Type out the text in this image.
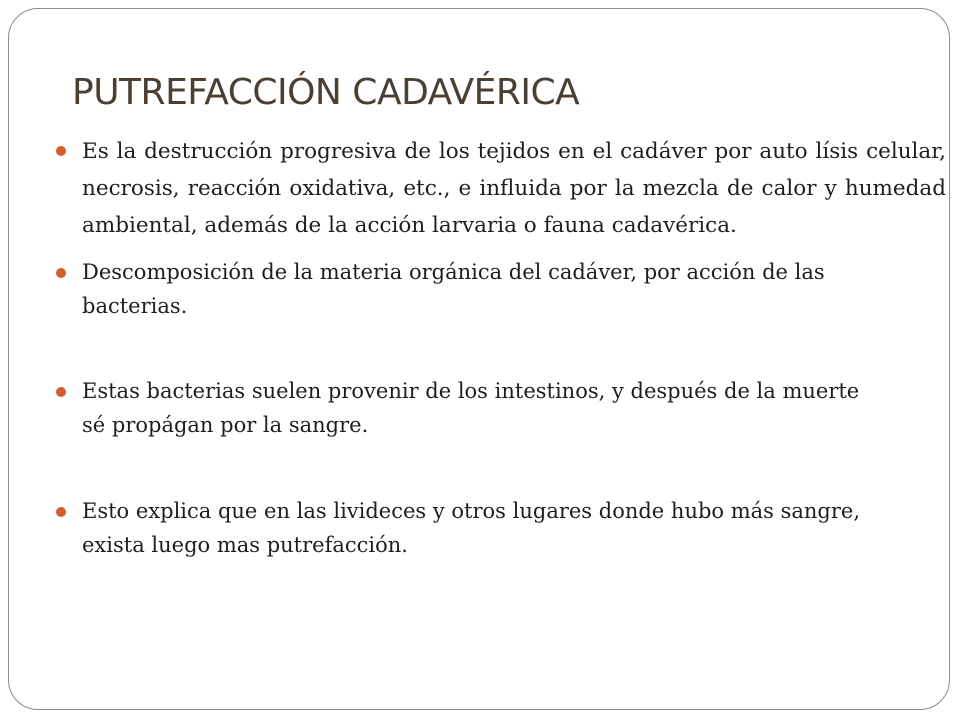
PUTREFACCIÓN CADAVÉRICA
Es la destrucción progresiva de los tejidos en el cadáver por auto lísis celular, necrosis, reacción oxidativa, etc., e influida por la mezcla de calor y humedad ambiental, además de la acción larvaria o fauna cadavérica.
Descomposición de la materia orgánica del cadáver, por acción de las bacterias.
Estas bacterias suelen provenir de los intestinos, y después de la muerte sé propágan por la sangre.
Esto explica que en las livideces y otros lugares donde hubo más sangre, exista luego mas putrefacción.
